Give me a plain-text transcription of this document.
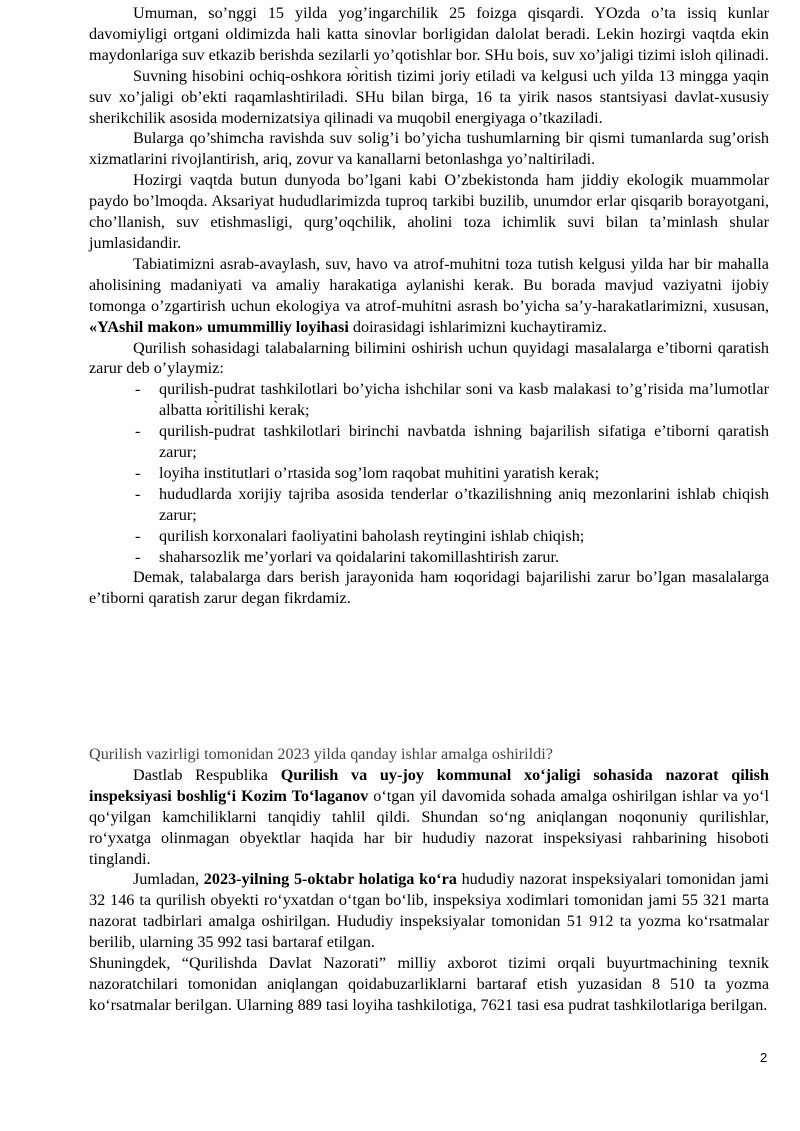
Umuman, so’nggi 15 yilda yog’ingarchilik 25 foizga qisqardi. YOzda o’ta issiq kunlar davomiyligi ortgani oldimizda hali katta sinovlar borligidan dalolat beradi. Lekin hozirgi vaqtda ekin maydonlariga suv etkazib berishda sezilarli yo’qotishlar bor. SHu bois, suv xo’jaligi tizimi isloh qilinadi.

Suvning hisobini ochiq-oshkora ю̀ritish tizimi joriy etiladi va kelgusi uch yilda 13 mingga yaqin suv xo’jaligi ob’ekti raqamlashtiriladi. SHu bilan birga, 16 ta yirik nasos stantsiyasi davlat-xususiy sherikchilik asosida modernizatsiya qilinadi va muqobil energiyaga o’tkaziladi.

Bularga qo’shimcha ravishda suv solig’i bo’yicha tushumlarning bir qismi tumanlarda sug’orish xizmatlarini rivojlantirish, ariq, zovur va kanallarni betonlashga yo’naltiriladi.

Hozirgi vaqtda butun dunyoda bo’lgani kabi O’zbekistonda ham jiddiy ekologik muammolar paydo bo’lmoqda. Aksariyat hududlarimizda tuproq tarkibi buzilib, unumdor erlar qisqarib borayotgani, cho’llanish, suv etishmasligi, qurg’oqchilik, aholini toza ichimlik suvi bilan ta’minlash shular jumlasidandir.

Tabiatimizni asrab-avaylash, suv, havo va atrof-muhitni toza tutish kelgusi yilda har bir mahalla aholisining madaniyati va amaliy harakatiga aylanishi kerak. Bu borada mavjud vaziyatni ijobiy tomonga o’zgartirish uchun ekologiya va atrof-muhitni asrash bo’yicha sa’y-harakatlarimizni, xususan, «YAshil makon» umummilliy loyihasi doirasidagi ishlarimizni kuchaytiramiz.

Qurilish sohasidagi talabalarning bilimini oshirish uchun quyidagi masalalarga e’tiborni qaratish zarur deb o’ylaymiz:

- qurilish-pudrat tashkilotlari bo’yicha ishchilar soni va kasb malakasi to’g’risida ma’lumotlar albatta ю̀ritilishi kerak;
- qurilish-pudrat tashkilotlari birinchi navbatda ishning bajarilish sifatiga e’tiborni qaratish zarur;
- loyiha institutlari o’rtasida sog’lom raqobat muhitini yaratish kerak;
- hududlarda xorijiy tajriba asosida tenderlar o’tkazilishning aniq mezonlarini ishlab chiqish zarur;
- qurilish korxonalari faoliyatini baholash reytingini ishlab chiqish;
- shaharsozlik me’yorlari va qoidalarini takomillashtirish zarur.

Demak, talabalarga dars berish jarayonida ham юqoridagi bajarilishi zarur bo’lgan masalalarga e’tiborni qaratish zarur degan fikrdamiz.

Qurilish vazirligi tomonidan 2023 yilda qanday ishlar amalga oshirildi?

Dastlab Respublika Qurilish va uy-joy kommunal xo‘jaligi sohasida nazorat qilish inspeksiyasi boshlig‘i Kozim To‘laganov o‘tgan yil davomida sohada amalga oshirilgan ishlar va yo‘l qo‘yilgan kamchiliklarni tanqidiy tahlil qildi. Shundan so‘ng aniqlangan noqonuniy qurilishlar, ro‘yxatga olinmagan obyektlar haqida har bir hududiy nazorat inspeksiyasi rahbarining hisoboti tinglandi.

Jumladan, 2023-yilning 5-oktabr holatiga ko‘ra hududiy nazorat inspeksiyalari tomonidan jami 32 146 ta qurilish obyekti ro‘yxatdan o‘tgan bo‘lib, inspeksiya xodimlari tomonidan jami 55 321 marta nazorat tadbirlari amalga oshirilgan. Hududiy inspeksiyalar tomonidan 51 912 ta yozma ko‘rsatmalar berilib, ularning 35 992 tasi bartaraf etilgan.

Shuningdek, “Qurilishda Davlat Nazorati” milliy axborot tizimi orqali buyurtmachining texnik nazoratchilari tomonidan aniqlangan qoidabuzarliklarni bartaraf etish yuzasidan 8 510 ta yozma ko‘rsatmalar berilgan. Ularning 889 tasi loyiha tashkilotiga, 7621 tasi esa pudrat tashkilotlariga berilgan.

2
